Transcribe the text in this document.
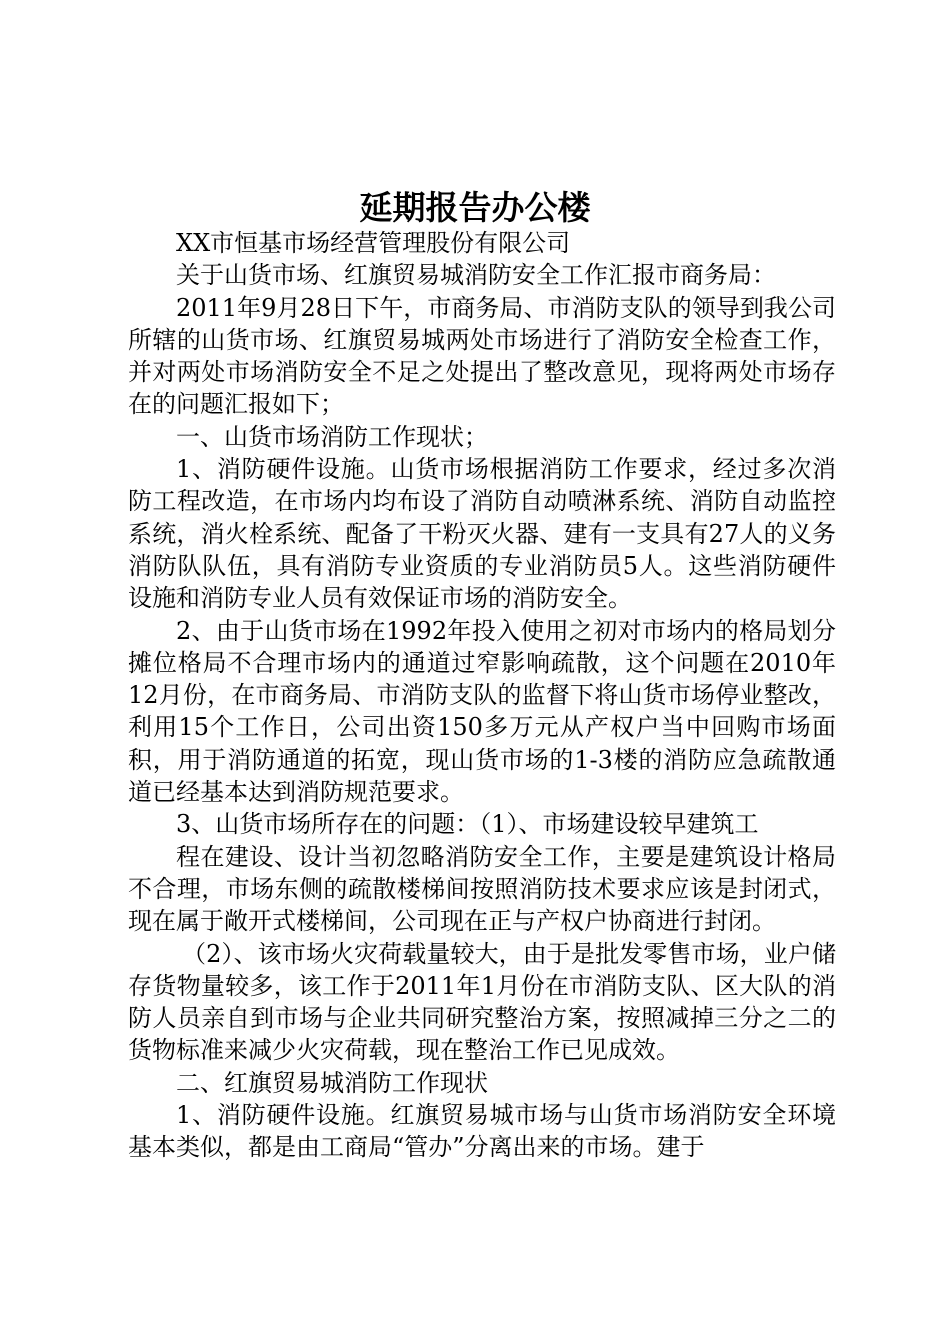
延期报告办公楼

XX市恒基市场经营管理股份有限公司

关于山货市场、红旗贸易城消防安全工作汇报市商务局：

2011年9月28日下午，市商务局、市消防支队的领导到我公司所辖的山货市场、红旗贸易城两处市场进行了消防安全检查工作，并对两处市场消防安全不足之处提出了整改意见，现将两处市场存在的问题汇报如下；

一、山货市场消防工作现状；

1、消防硬件设施。山货市场根据消防工作要求，经过多次消防工程改造，在市场内均布设了消防自动喷淋系统、消防自动监控系统，消火栓系统、配备了干粉灭火器、建有一支具有27人的义务消防队队伍，具有消防专业资质的专业消防员5人。这些消防硬件设施和消防专业人员有效保证市场的消防安全。

2、由于山货市场在1992年投入使用之初对市场内的格局划分摊位格局不合理市场内的通道过窄影响疏散，这个问题在2010年12月份，在市商务局、市消防支队的监督下将山货市场停业整改，利用15个工作日，公司出资150多万元从产权户当中回购市场面积，用于消防通道的拓宽，现山货市场的1-3楼的消防应急疏散通道已经基本达到消防规范要求。

3、山货市场所存在的问题：（1）、市场建设较早建筑工

程在建设、设计当初忽略消防安全工作，主要是建筑设计格局不合理，市场东侧的疏散楼梯间按照消防技术要求应该是封闭式，现在属于敞开式楼梯间，公司现在正与产权户协商进行封闭。

（2）、该市场火灾荷载量较大，由于是批发零售市场，业户储存货物量较多，该工作于2011年1月份在市消防支队、区大队的消防人员亲自到市场与企业共同研究整治方案，按照减掉三分之二的货物标准来减少火灾荷载，现在整治工作已见成效。

二、红旗贸易城消防工作现状

1、消防硬件设施。红旗贸易城市场与山货市场消防安全环境基本类似，都是由工商局“管办”分离出来的市场。建于
